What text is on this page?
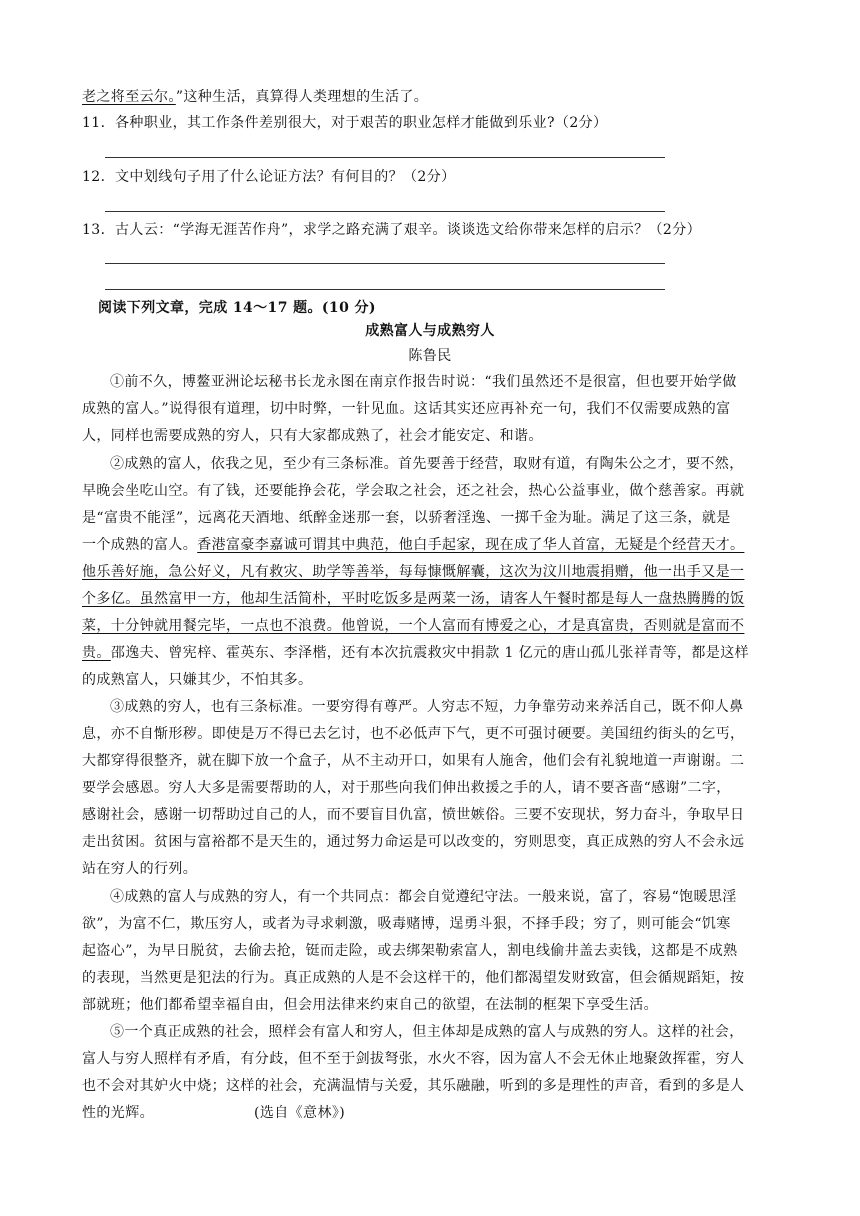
老之将至云尔。”这种生活，真算得人类理想的生活了。
11．各种职业，其工作条件差别很大，对于艰苦的职业怎样才能做到乐业?（2分）
12．文中划线句子用了什么论证方法？有何目的？（2分）
13．古人云：“学海无涯苦作舟”，求学之路充满了艰辛。谈谈选文给你带来怎样的启示？（2分）
阅读下列文章，完成 14～17 题。(10 分)
成熟富人与成熟穷人
陈鲁民
①前不久，博鳌亚洲论坛秘书长龙永图在南京作报告时说：“我们虽然还不是很富，但也要开始学做
成熟的富人。”说得很有道理，切中时弊，一针见血。这话其实还应再补充一句，我们不仅需要成熟的富
人，同样也需要成熟的穷人，只有大家都成熟了，社会才能安定、和谐。
②成熟的富人，依我之见，至少有三条标准。首先要善于经营，取财有道，有陶朱公之才，要不然，
早晚会坐吃山空。有了钱，还要能挣会花，学会取之社会，还之社会，热心公益事业，做个慈善家。再就
是“富贵不能淫”，远离花天酒地、纸醉金迷那一套，以骄奢淫逸、一掷千金为耻。满足了这三条，就是
一个成熟的富人。香港富豪李嘉诚可谓其中典范，他白手起家，现在成了华人首富，无疑是个经营天才。
他乐善好施，急公好义，凡有救灾、助学等善举，每每慷慨解囊，这次为汶川地震捐赠，他一出手又是一
个多亿。虽然富甲一方，他却生活简朴，平时吃饭多是两菜一汤，请客人午餐时都是每人一盘热腾腾的饭
菜，十分钟就用餐完毕，一点也不浪费。他曾说，一个人富而有博爱之心，才是真富贵，否则就是富而不
贵。邵逸夫、曾宪梓、霍英东、李泽楷，还有本次抗震救灾中捐款 1 亿元的唐山孤儿张祥青等，都是这样
的成熟富人，只嫌其少，不怕其多。
③成熟的穷人，也有三条标准。一要穷得有尊严。人穷志不短，力争靠劳动来养活自己，既不仰人鼻
息，亦不自惭形秽。即使是万不得已去乞讨，也不必低声下气，更不可强讨硬要。美国纽约街头的乞丐，
大都穿得很整齐，就在脚下放一个盒子，从不主动开口，如果有人施舍，他们会有礼貌地道一声谢谢。二
要学会感恩。穷人大多是需要帮助的人，对于那些向我们伸出救援之手的人，请不要吝啬“感谢”二字，
感谢社会，感谢一切帮助过自己的人，而不要盲目仇富，愤世嫉俗。三要不安现状，努力奋斗，争取早日
走出贫困。贫困与富裕都不是天生的，通过努力命运是可以改变的，穷则思变，真正成熟的穷人不会永远
站在穷人的行列。
④成熟的富人与成熟的穷人，有一个共同点：都会自觉遵纪守法。一般来说，富了，容易“饱暖思淫
欲”，为富不仁，欺压穷人，或者为寻求刺激，吸毒赌博，逞勇斗狠，不择手段；穷了，则可能会“饥寒
起盗心”，为早日脱贫，去偷去抢，铤而走险，或去绑架勒索富人，割电线偷井盖去卖钱，这都是不成熟
的表现，当然更是犯法的行为。真正成熟的人是不会这样干的，他们都渴望发财致富，但会循规蹈矩，按
部就班；他们都希望幸福自由，但会用法律来约束自己的欲望，在法制的框架下享受生活。
⑤一个真正成熟的社会，照样会有富人和穷人，但主体却是成熟的富人与成熟的穷人。这样的社会，
富人与穷人照样有矛盾，有分歧，但不至于剑拔弩张，水火不容，因为富人不会无休止地聚敛挥霍，穷人
也不会对其妒火中烧；这样的社会，充满温情与关爱，其乐融融，听到的多是理性的声音，看到的多是人
性的光辉。	(选自《意林》)
